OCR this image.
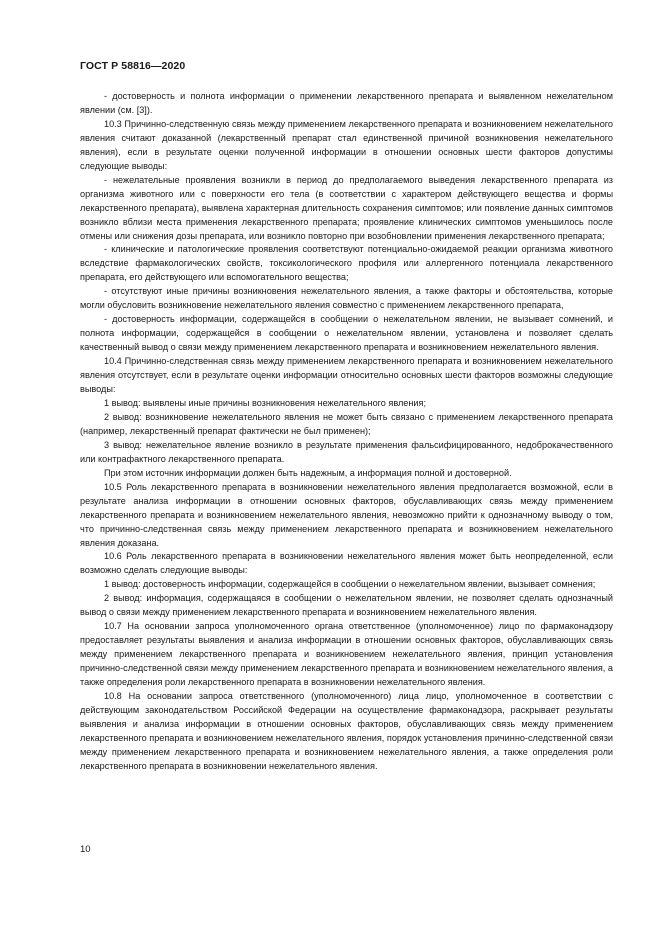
ГОСТ Р 58816—2020

- достоверность и полнота информации о применении лекарственного препарата и выявленном нежелательном явлении (см. [3]).

10.3 Причинно-следственную связь между применением лекарственного препарата и возникновением нежелательного явления считают доказанной (лекарственный препарат стал единственной причиной возникновения нежелательного явления), если в результате оценки полученной информации в отношении основных шести факторов допустимы следующие выводы:

- нежелательные проявления возникли в период до предполагаемого выведения лекарственного препарата из организма животного или с поверхности его тела (в соответствии с характером действующего вещества и формы лекарственного препарата), выявлена характерная длительность сохранения симптомов; или появление данных симптомов возникло вблизи места применения лекарственного препарата; проявление клинических симптомов уменьшилось после отмены или снижения дозы препарата, или возникло повторно при возобновлении применения лекарственного препарата;

- клинические и патологические проявления соответствуют потенциально-ожидаемой реакции организма животного вследствие фармакологических свойств, токсикологического профиля или аллергенного потенциала лекарственного препарата, его действующего или вспомогательного вещества;

- отсутствуют иные причины возникновения нежелательного явления, а также факторы и обстоятельства, которые могли обусловить возникновение нежелательного явления совместно с применением лекарственного препарата,

- достоверность информации, содержащейся в сообщении о нежелательном явлении, не вызывает сомнений, и полнота информации, содержащейся в сообщении о нежелательном явлении, установлена и позволяет сделать качественный вывод о связи между применением лекарственного препарата и возникновением нежелательного явления.

10.4 Причинно-следственная связь между применением лекарственного препарата и возникновением нежелательного явления отсутствует, если в результате оценки информации относительно основных шести факторов возможны следующие выводы:

1 вывод: выявлены иные причины возникновения нежелательного явления;

2 вывод: возникновение нежелательного явления не может быть связано с применением лекарственного препарата (например, лекарственный препарат фактически не был применен);

3 вывод: нежелательное явление возникло в результате применения фальсифицированного, недоброкачественного или контрафактного лекарственного препарата.

При этом источник информации должен быть надежным, а информация полной и достоверной.

10.5 Роль лекарственного препарата в возникновении нежелательного явления предполагается возможной, если в результате анализа информации в отношении основных факторов, обуславливающих связь между применением лекарственного препарата и возникновением нежелательного явления, невозможно прийти к однозначному выводу о том, что причинно-следственная связь между применением лекарственного препарата и возникновением нежелательного явления доказана.

10.6 Роль лекарственного препарата в возникновении нежелательного явления может быть неопределенной, если возможно сделать следующие выводы:

1 вывод: достоверность информации, содержащейся в сообщении о нежелательном явлении, вызывает сомнения;

2 вывод: информация, содержащаяся в сообщении о нежелательном явлении, не позволяет сделать однозначный вывод о связи между применением лекарственного препарата и возникновением нежелательного явления.

10.7 На основании запроса уполномоченного органа ответственное (уполномоченное) лицо по фармаконадзору предоставляет результаты выявления и анализа информации в отношении основных факторов, обуславливающих связь между применением лекарственного препарата и возникновением нежелательного явления, принцип установления причинно-следственной связи между применением лекарственного препарата и возникновением нежелательного явления, а также определения роли лекарственного препарата в возникновении нежелательного явления.

10.8 На основании запроса ответственного (уполномоченного) лица лицо, уполномоченное в соответствии с действующим законодательством Российской Федерации на осуществление фармаконадзора, раскрывает результаты выявления и анализа информации в отношении основных факторов, обуславливающих связь между применением лекарственного препарата и возникновением нежелательного явления, порядок установления причинно-следственной связи между применением лекарственного препарата и возникновением нежелательного явления, а также определения роли лекарственного препарата в возникновении нежелательного явления.

10
